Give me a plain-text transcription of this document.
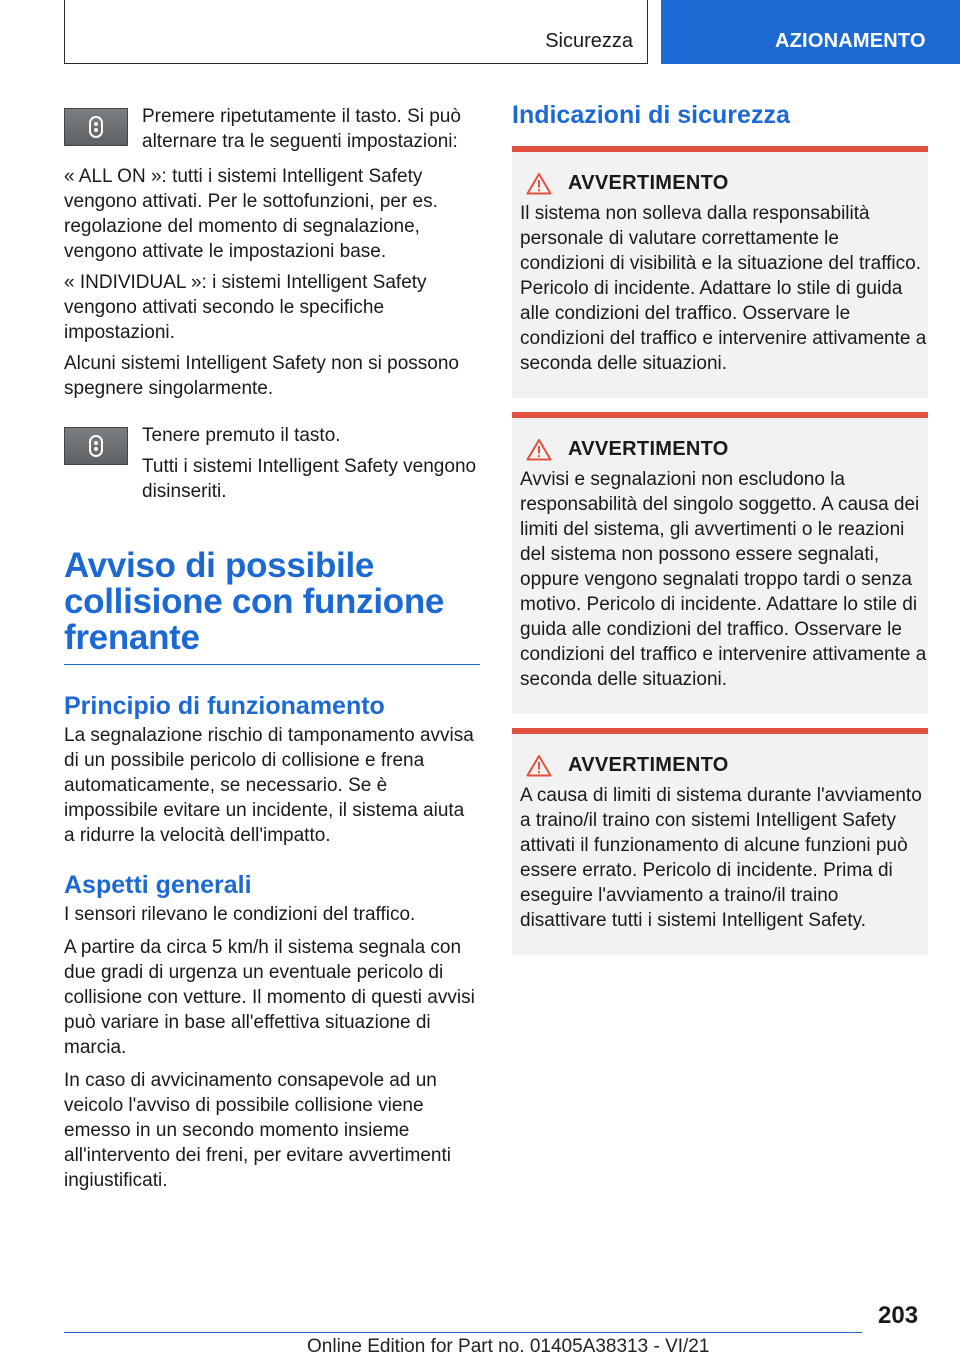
Sicurezza	AZIONAMENTO

Premere ripetutamente il tasto. Si può alternare tra le seguenti impostazioni:

« ALL ON »: tutti i sistemi Intelligent Safety vengono attivati. Per le sottofunzioni, per es. regolazione del momento di segnalazione, vengono attivate le impostazioni base.

« INDIVIDUAL »: i sistemi Intelligent Safety vengono attivati secondo le specifiche impostazioni.

Alcuni sistemi Intelligent Safety non si possono spegnere singolarmente.

Tenere premuto il tasto.

Tutti i sistemi Intelligent Safety vengono disinseriti.

Avviso di possibile collisione con funzione frenante
Principio di funzionamento

La segnalazione rischio di tamponamento avvisa di un possibile pericolo di collisione e frena automaticamente, se necessario. Se è impossibile evitare un incidente, il sistema aiuta a ridurre la velocità dell'impatto.

Aspetti generali

I sensori rilevano le condizioni del traffico.

A partire da circa 5 km/h il sistema segnala con due gradi di urgenza un eventuale pericolo di collisione con vetture. Il momento di questi avvisi può variare in base all'effettiva situazione di marcia.

In caso di avvicinamento consapevole ad un veicolo l'avviso di possibile collisione viene emesso in un secondo momento insieme all'intervento dei freni, per evitare avvertimenti ingiustificati.

Indicazioni di sicurezza
AVVERTIMENTO

Il sistema non solleva dalla responsabilità personale di valutare correttamente le condizioni di visibilità e la situazione del traffico. Pericolo di incidente. Adattare lo stile di guida alle condizioni del traffico. Osservare le condizioni del traffico e intervenire attivamente a seconda delle situazioni.

AVVERTIMENTO

Avvisi e segnalazioni non escludono la responsabilità del singolo soggetto. A causa dei limiti del sistema, gli avvertimenti o le reazioni del sistema non possono essere segnalati, oppure vengono segnalati troppo tardi o senza motivo. Pericolo di incidente. Adattare lo stile di guida alle condizioni del traffico. Osservare le condizioni del traffico e intervenire attivamente a seconda delle situazioni.

AVVERTIMENTO

A causa di limiti di sistema durante l'avviamento a traino/il traino con sistemi Intelligent Safety attivati il funzionamento di alcune funzioni può essere errato. Pericolo di incidente. Prima di eseguire l'avviamento a traino/il traino disattivare tutti i sistemi Intelligent Safety.

203
Online Edition for Part no. 01405A38313 - VI/21
